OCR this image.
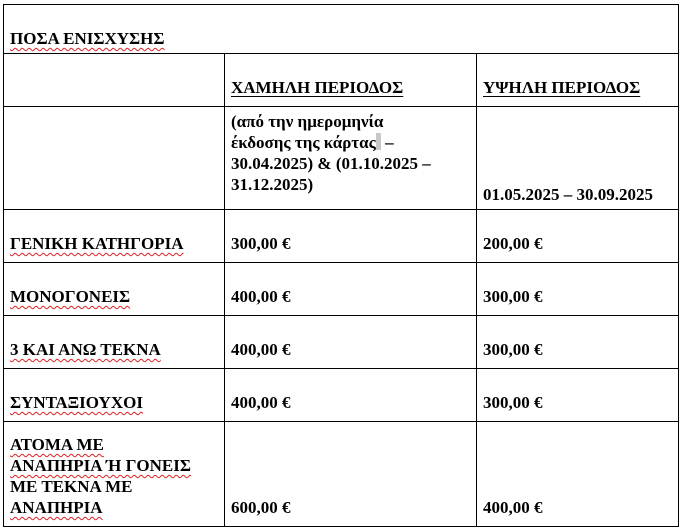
ΠΟΣΑ ΕΝΙΣΧΥΣΗΣ		
	ΧΑΜΗΛΗ ΠΕΡΙΟΔΟΣ	ΥΨΗΛΗ ΠΕΡΙΟΔΟΣ

	(από την ημερομηνία
έκδοσης της κάρτας –
30.04.2025) & (01.10.2025 –
31.12.2025)	01.05.2025 – 30.09.2025
ΓΕΝΙΚΗ ΚΑΤΗΓΟΡΙΑ	300,00 €	200,00 €
ΜΟΝΟΓΟΝΕΙΣ	400,00 €	300,00 €
3 ΚΑΙ ΑΝΩ ΤΕΚΝΑ	400,00 €	300,00 €
ΣΥΝΤΑΞΙΟΥΧΟΙ	400,00 €	300,00 €
ΑΤΟΜΑ ΜΕ
ΑΝΑΠΗΡΙΑ Ή ΓΟΝΕΙΣ
ΜΕ ΤΕΚΝΑ ΜΕ
ΑΝΑΠΗΡΙΑ	600,00 €	400,00 €
